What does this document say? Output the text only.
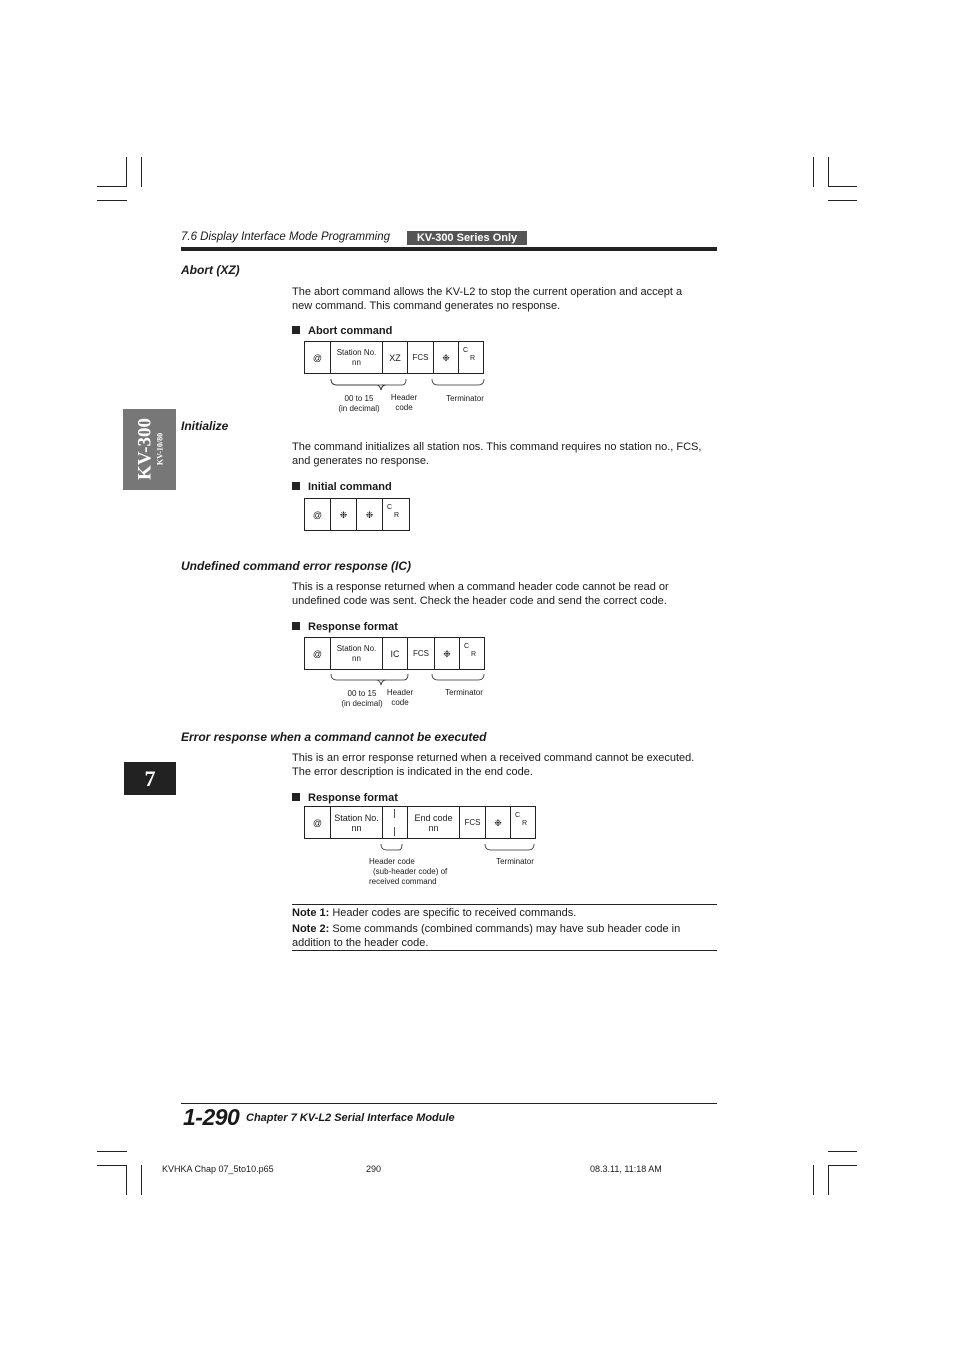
7.6 Display Interface Mode Programming	KV-300 Series Only
KV-300 KV-10/80
7
Abort (XZ)
The abort command allows the KV-L2 to stop the current operation and accept a
new command. This command generates no response.
Abort command
@
Station No.
nn	XZ	FCS	❉
C
R
00 to 15
(in decimal)
Header
code
Terminator
Initialize
The command initializes all station nos. This command requires no station no., FCS,
and generates no response.
Initial command
@	❉	❉
C
R
Undefined command error response (IC)
This is a response returned when a command header code cannot be read or
undefined code was sent. Check the header code and send the correct code.
Response format
@
Station No.
nn	IC	FCS	❉
C
R
00 to 15
(in decimal)
Header
code
Terminator
Error response when a command cannot be executed
This is an error response returned when a received command cannot be executed.
The error description is indicated in the end code.
Response format
@	Station No.
nn
End code
nn
FCS	❉
C
R
Header code
(sub-header code) of
received command
Terminator
Note 1: Header codes are specific to received commands.
Note 2: Some commands (combined commands) may have sub header code in
addition to the header code.
1-290 Chapter 7 KV-L2 Serial Interface Module
KVHKA Chap 07_5to10.p65	290	08.3.11, 11:18 AM
